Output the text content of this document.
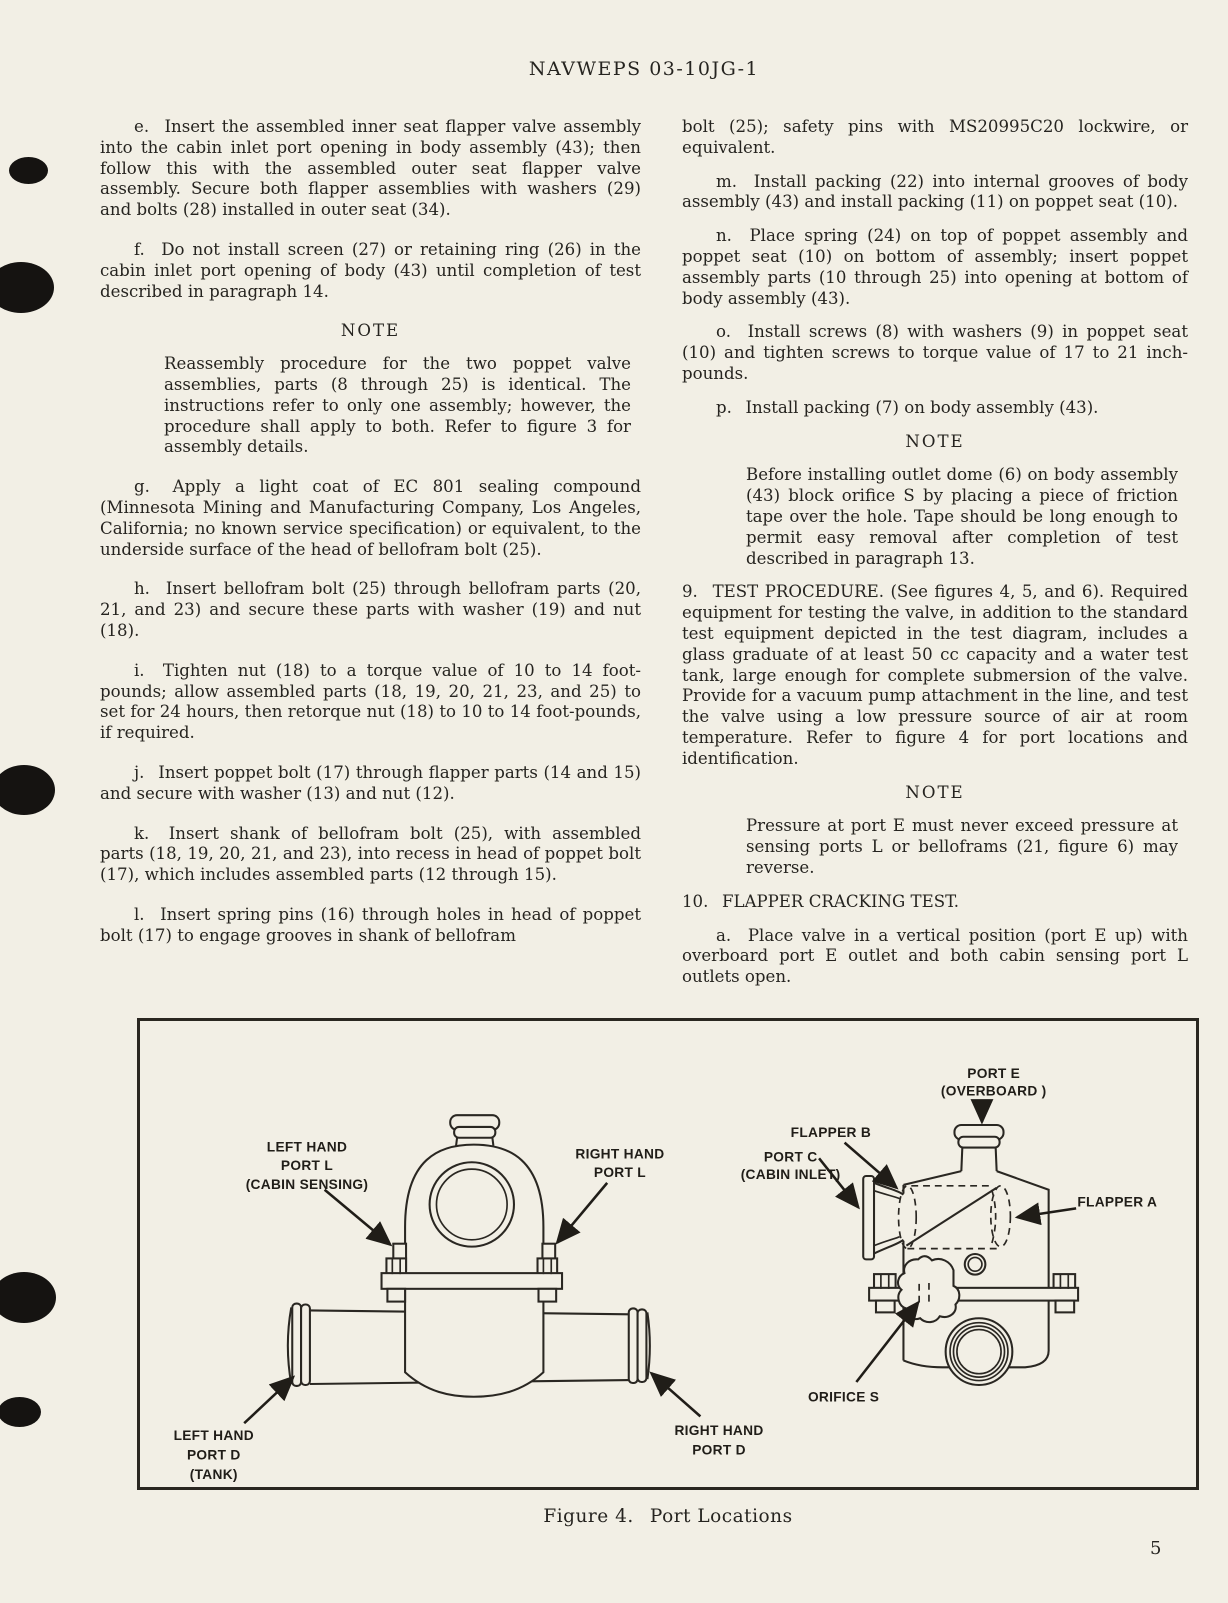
NAVWEPS 03-10JG-1

e.  Insert the assembled inner seat flapper valve assembly into the cabin inlet port opening in body assembly (43); then follow this with the assembled outer seat flapper valve assembly. Secure both flapper assemblies with washers (29) and bolts (28) installed in outer seat (34).

f.  Do not install screen (27) or retaining ring (26) in the cabin inlet port opening of body (43) until completion of test described in paragraph 14.

NOTE

Reassembly procedure for the two poppet valve assemblies, parts (8 through 25) is identical. The instructions refer to only one assembly; however, the procedure shall apply to both. Refer to figure 3 for assembly details.

g.  Apply a light coat of EC 801 sealing compound (Minnesota Mining and Manufacturing Company, Los Angeles, California; no known service specification) or equivalent, to the underside surface of the head of bellofram bolt (25).

h.  Insert bellofram bolt (25) through bellofram parts (20, 21, and 23) and secure these parts with washer (19) and nut (18).

i.  Tighten nut (18) to a torque value of 10 to 14 foot-pounds; allow assembled parts (18, 19, 20, 21, 23, and 25) to set for 24 hours, then retorque nut (18) to 10 to 14 foot-pounds, if required.

j.  Insert poppet bolt (17) through flapper parts (14 and 15) and secure with washer (13) and nut (12).

k.  Insert shank of bellofram bolt (25), with assembled parts (18, 19, 20, 21, and 23), into recess in head of poppet bolt (17), which includes assembled parts (12 through 15).

l.  Insert spring pins (16) through holes in head of poppet bolt (17) to engage grooves in shank of bellofram

bolt (25); safety pins with MS20995C20 lockwire, or equivalent.

m.  Install packing (22) into internal grooves of body assembly (43) and install packing (11) on poppet seat (10).

n.  Place spring (24) on top of poppet assembly and poppet seat (10) on bottom of assembly; insert poppet assembly parts (10 through 25) into opening at bottom of body assembly (43).

o.  Install screws (8) with washers (9) in poppet seat (10) and tighten screws to torque value of 17 to 21 inch-pounds.

p.  Install packing (7) on body assembly (43).

NOTE

Before installing outlet dome (6) on body assembly (43) block orifice S by placing a piece of friction tape over the hole. Tape should be long enough to permit easy removal after completion of test described in paragraph 13.

9.  TEST PROCEDURE. (See figures 4, 5, and 6). Required equipment for testing the valve, in addition to the standard test equipment depicted in the test diagram, includes a glass graduate of at least 50 cc capacity and a water test tank, large enough for complete submersion of the valve. Provide for a vacuum pump attachment in the line, and test the valve using a low pressure source of air at room temperature. Refer to figure 4 for port locations and identification.

NOTE

Pressure at port E must never exceed pressure at sensing ports L or belloframs (21, figure 6) may reverse.

10.  FLAPPER CRACKING TEST.

a.  Place valve in a vertical position (port E up) with overboard port E outlet and both cabin sensing port L outlets open.

LEFT HAND
PORT L
(CABIN SENSING)
RIGHT HAND
PORT L
LEFT HAND
PORT D
(TANK)
RIGHT HAND
PORT D
PORT E
(OVERBOARD )
FLAPPER B
FLAPPER A
PORT C
(CABIN INLET)
ORIFICE S
Figure 4.  Port Locations
5
